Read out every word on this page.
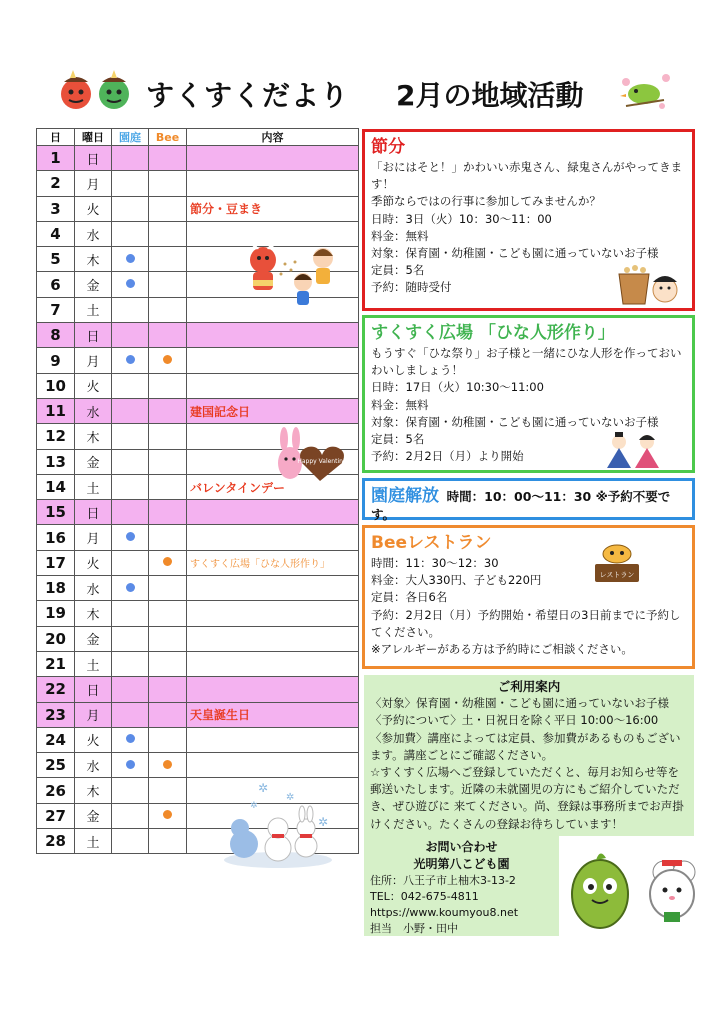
すくすくだより 2月の地域活動
日	曜日	園庭	Bee	内容
1	日			
2	月			
3	火			節分・豆まき
4	水			
5	木			
6	金			
7	土			
8	日			
9	月			
10	火			
11	水			建国記念日
12	木			
13	金			
14	土			バレンタインデー
15	日			
16	月			
17	火			すくすく広場「ひな人形作り」
18	水			
19	木			
20	金			
21	土			
22	日			
23	月			天皇誕生日
24	火			
25	水			
26	木			
27	金			
28	土			
Happy Valentine
✲
✲
✲
✲
節分
「おにはそと！」かわいい赤鬼さん、緑鬼さんがやってきます！
季節ならではの行事に参加してみませんか？
日時：3日（火）10：30～11：00
料金：無料
対象：保育園・幼稚園・こども園に通っていないお子様
定員：5名
予約：随時受付
すくすく広場 「ひな人形作り」
もうすぐ「ひな祭り」お子様と一緒にひな人形を作っておいわいしましょう！
日時：17日（火）10:30～11:00
料金：無料
対象：保育園・幼稚園・こども園に通っていないお子様
定員：5名
予約：2月2日（月）より開始
園庭解放 時間：10：00～11：30 ※予約不要です。
Beeレストラン
時間：11：30～12：30
料金：大人330円、子ども220円
定員：各日6名
予約：2月2日（月）予約開始・希望日の3日前までに予約してください。
※アレルギーがある方は予約時にご相談ください。
レストラン
ご利用案内
〈対象〉保育園・幼稚園・こども園に通っていないお子様
〈予約について〉土・日祝日を除く平日 10:00～16:00
〈参加費〉講座によっては定員、参加費があるものもございます。講座ごとにご確認ください。
☆すくすく広場へご登録していただくと、毎月お知らせ等を郵送いたします。近隣の未就園児の方にもご紹介していただき、ぜひ遊びに 来てください。尚、登録は事務所までお声掛けください。たくさんの登録お待ちしています！
お問い合わせ
光明第八こども園
住所：八王子市上柚木3-13-2
TEL：042-675-4811
https://www.koumyou8.net
担当　小野・田中
